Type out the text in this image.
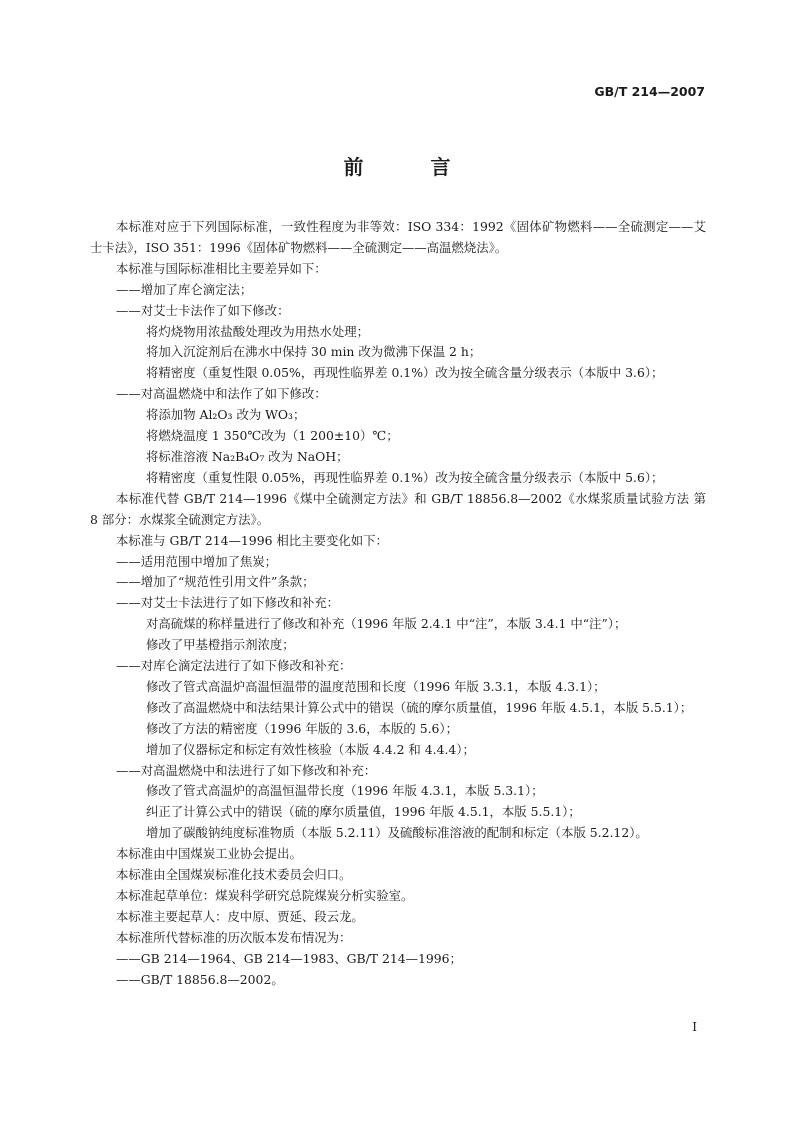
GB/T 214—2007
前 言

本标准对应于下列国际标准，一致性程度为非等效：ISO 334：1992《固体矿物燃料——全硫测定——艾士卡法》，ISO 351：1996《固体矿物燃料——全硫测定——高温燃烧法》。

本标准与国际标准相比主要差异如下：

——增加了库仑滴定法；

——对艾士卡法作了如下修改：

将灼烧物用浓盐酸处理改为用热水处理；

将加入沉淀剂后在沸水中保持 30 min 改为微沸下保温 2 h；

将精密度（重复性限 0.05%，再现性临界差 0.1%）改为按全硫含量分级表示（本版中 3.6）；

——对高温燃烧中和法作了如下修改：

将添加物 Al₂O₃ 改为 WO₃；

将燃烧温度 1 350℃改为（1 200±10）℃；

将标准溶液 Na₂B₄O₇ 改为 NaOH；

将精密度（重复性限 0.05%，再现性临界差 0.1%）改为按全硫含量分级表示（本版中 5.6）；

本标准代替 GB/T 214—1996《煤中全硫测定方法》和 GB/T 18856.8—2002《水煤浆质量试验方法 第 8 部分：水煤浆全硫测定方法》。

本标准与 GB/T 214—1996 相比主要变化如下：

——适用范围中增加了焦炭；

——增加了“规范性引用文件”条款；

——对艾士卡法进行了如下修改和补充：

对高硫煤的称样量进行了修改和补充（1996 年版 2.4.1 中“注”，本版 3.4.1 中“注”）；

修改了甲基橙指示剂浓度；

——对库仑滴定法进行了如下修改和补充：

修改了管式高温炉高温恒温带的温度范围和长度（1996 年版 3.3.1，本版 4.3.1）；

修改了高温燃烧中和法结果计算公式中的错误（硫的摩尔质量值，1996 年版 4.5.1，本版 5.5.1）；

修改了方法的精密度（1996 年版的 3.6，本版的 5.6）；

增加了仪器标定和标定有效性核验（本版 4.4.2 和 4.4.4）；

——对高温燃烧中和法进行了如下修改和补充：

修改了管式高温炉的高温恒温带长度（1996 年版 4.3.1，本版 5.3.1）；

纠正了计算公式中的错误（硫的摩尔质量值，1996 年版 4.5.1，本版 5.5.1）；

增加了碳酸钠纯度标准物质（本版 5.2.11）及硫酸标准溶液的配制和标定（本版 5.2.12）。

本标准由中国煤炭工业协会提出。

本标准由全国煤炭标准化技术委员会归口。

本标准起草单位：煤炭科学研究总院煤炭分析实验室。

本标准主要起草人：皮中原、贾延、段云龙。

本标准所代替标准的历次版本发布情况为：

——GB 214—1964、GB 214—1983、GB/T 214—1996；

——GB/T 18856.8—2002。

I
